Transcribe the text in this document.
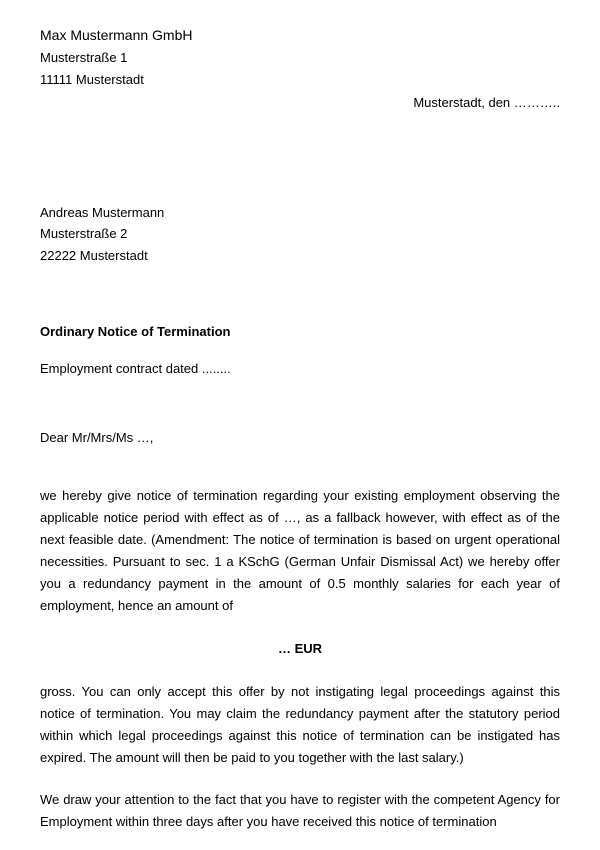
Max Mustermann GmbH
Musterstraße 1
11111 Musterstadt
Musterstadt, den ………..
Andreas Mustermann
Musterstraße 2
22222 Musterstadt
Ordinary Notice of Termination
Employment contract dated ........
Dear Mr/Mrs/Ms …,
we hereby give notice of termination regarding your existing employment observing the applicable notice period with effect as of …, as a fallback however, with effect as of the next feasible date. (Amendment: The notice of termination is based on urgent operational necessities. Pursuant to sec. 1 a KSchG (German Unfair Dismissal Act) we hereby offer you a redundancy payment in the amount of 0.5 monthly salaries for each year of employment, hence an amount of
… EUR
gross. You can only accept this offer by not instigating legal proceedings against this notice of termination. You may claim the redundancy payment after the statutory period within which legal proceedings against this notice of termination can be instigated has expired. The amount will then be paid to you together with the last salary.)
We draw your attention to the fact that you have to register with the competent Agency for Employment within three days after you have received this notice of termination
